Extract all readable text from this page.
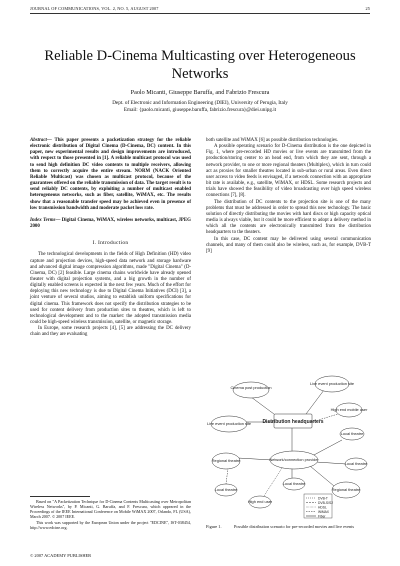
JOURNAL OF COMMUNICATIONS, VOL. 2, NO. 5, AUGUST 2007	25
Reliable D-Cinema Multicasting over Heterogeneous Networks
Paolo Micanti, Giuseppe Baruffa, and Fabrizio Frescura
Dept. of Electronic and Information Engineering (DIEI), University of Perugia, Italy
Email: {paolo.micanti, giuseppe.baruffa, fabrizio.frescura}@diei.unipg.it

Abstract— This paper presents a packetization strategy for the reliable electronic distribution of Digital Cinema (D-Cinema, DC) content. In this paper, new experimental results and design improvements are introduced, with respect to those presented in [1]. A reliable multicast protocol was used to send high definition DC video contents to multiple receivers, allowing them to correctly acquire the entire stream. NORM (NACK Oriented Reliable Multicast) was chosen as multicast protocol, because of the guarantees offered on the reliable transmission of data. The target result is to send reliably DC contents, by exploiting a number of multicast enabled heterogeneous networks, such as fiber, satellite, WiMAX, etc. The results show that a reasonable transfer speed may be achieved even in presence of low transmission bandwidth and moderate packet loss rate.

Index Terms— Digital Cinema, WiMAX, wireless networks, multicast, JPEG 2000

I. Introduction

The technological developments in the fields of High Definition (HD) video capture and projection devices, high-speed data network and storage hardware and advanced digital image compression algorithms, made "Digital Cinema" (D-Cinema, DC) [2] feasible. Large cinema chains worldwide have already opened theater with digital projection systems, and a big growth in the number of digitally enabled screens is expected in the next few years. Much of the effort for deploying this new technology is due to Digital Cinema Initiatives (DCI) [3], a joint venture of several studios, aiming to establish uniform specifications for digital cinema. This framework does not specify the distribution strategies to be used for content delivery from production sites to theatres, which is left to technological development and to the market: the adopted transmission media could be high-speed wireless transmission, satellite, or magnetic storage.

In Europe, some research projects [4], [5] are addressing the DC delivery chain and they are evaluating

Based on "A Packetization Technique for D-Cinema Contents Multicasting over Metropolitan Wireless Networks", by P. Micanti, G. Baruffa, and F. Frescura, which appeared in the Proceedings of the IEEE International Conference on Mobile WiMAX 2007, Orlando, FL (USA), March 2007. © 2007 IEEE.

This work was supported by the European Union under the project "EDCINE", IST-038454, http://www.edcine.org.

both satellite and WiMAX [6] as possible distribution technologies.

A possible operating scenario for D-Cinema distribution is the one depicted in Fig. 1, where pre-recorded HD movies or live events are transmitted from the production/storing center to an head end, from which they are sent, through a network provider, to one or more regional theaters (Multiplex), which in turn could act as proxies for smaller theatres located in sub-urban or rural areas. Even direct user access to video feeds is envisaged, if a network connection with an appropriate bit rate is available, e.g., satellite, WiMAX, or HDSL. Some research projects and trials have showed the feasibility of video broadcasting over high speed wireless connections [7], [8].

The distribution of DC contents to the projection site is one of the many problems that must be addressed in order to spread this new technology. The basic solution of directly distributing the movies with hard discs or high capacity optical media is always viable, but it could be more efficient to adopt a delivery method in which all the contents are electronically transmitted from the distribution headquarters to the theaters.

In this case, DC content may be delivered using several communication channels, and many of them could also be wireless, such as, for example, DVB-T [9]

Cinema post production
Live event production site
Live event production site Distribution headquarters
High end mobile user
Local theatre
Local theatre
Network/connection provider
Regional theatre
Local theatre
High end user
Local theatre
Regional theatre
DVB-T
DVB-S/S2
HDSL
WiMAX
Fiber
Figure 1.	Possible distribution scenario for pre-recorded movies and live events
© 2007 ACADEMY PUBLISHER
